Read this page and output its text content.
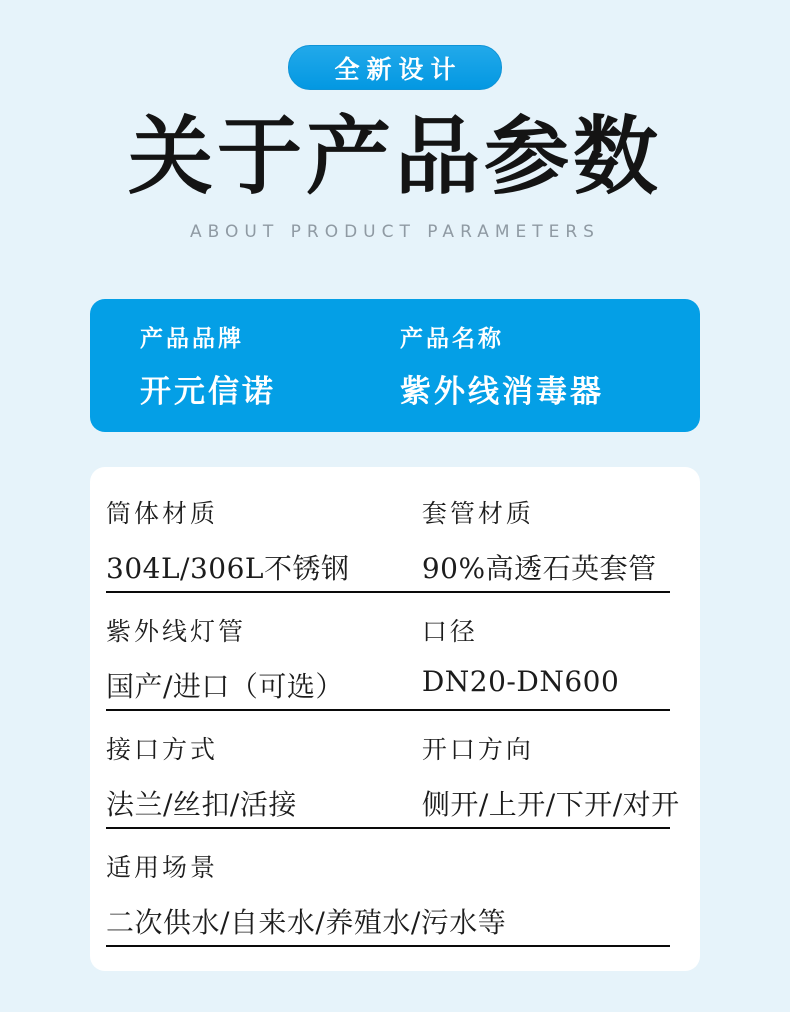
全新设计
关于产品参数
ABOUT PRODUCT PARAMETERS
产品品牌
开元信诺
产品名称
紫外线消毒器
筒体材质
304L/306L不锈钢
套管材质
90%高透石英套管
紫外线灯管
国产/进口（可选）
口径
DN20-DN600
接口方式
法兰/丝扣/活接
开口方向
侧开/上开/下开/对开
适用场景
二次供水/自来水/养殖水/污水等
